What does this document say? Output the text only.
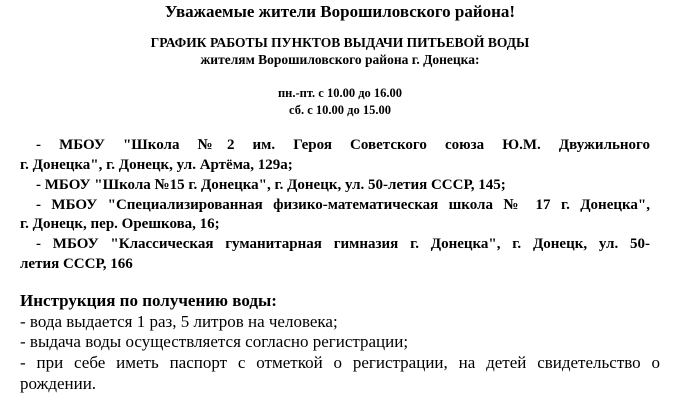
Уважаемые жители Ворошиловского района!
ГРАФИК РАБОТЫ ПУНКТОВ ВЫДАЧИ ПИТЬЕВОЙ ВОДЫ
жителям Ворошиловского района г. Донецка:
пн.-пт. с 10.00 до 16.00
сб. с 10.00 до 15.00
- МБОУ "Школа №2 им. Героя Советского союза Ю.М. Двужильного
г. Донецка", г. Донецк, ул. Артёма, 129а;
- МБОУ "Школа №15 г. Донецка", г. Донецк, ул. 50-летия СССР, 145;
- МБОУ "Специализированная физико-математическая школа № 17 г. Донецка",
г. Донецк, пер. Орешкова, 16;
- МБОУ "Классическая гуманитарная гимназия г. Донецка", г. Донецк, ул. 50-
летия СССР, 166
Инструкция по получению воды:
- вода выдается 1 раз, 5 литров на человека;
- выдача воды осуществляется согласно регистрации;
- при себе иметь паспорт с отметкой о регистрации, на детей свидетельство о
рождении.
